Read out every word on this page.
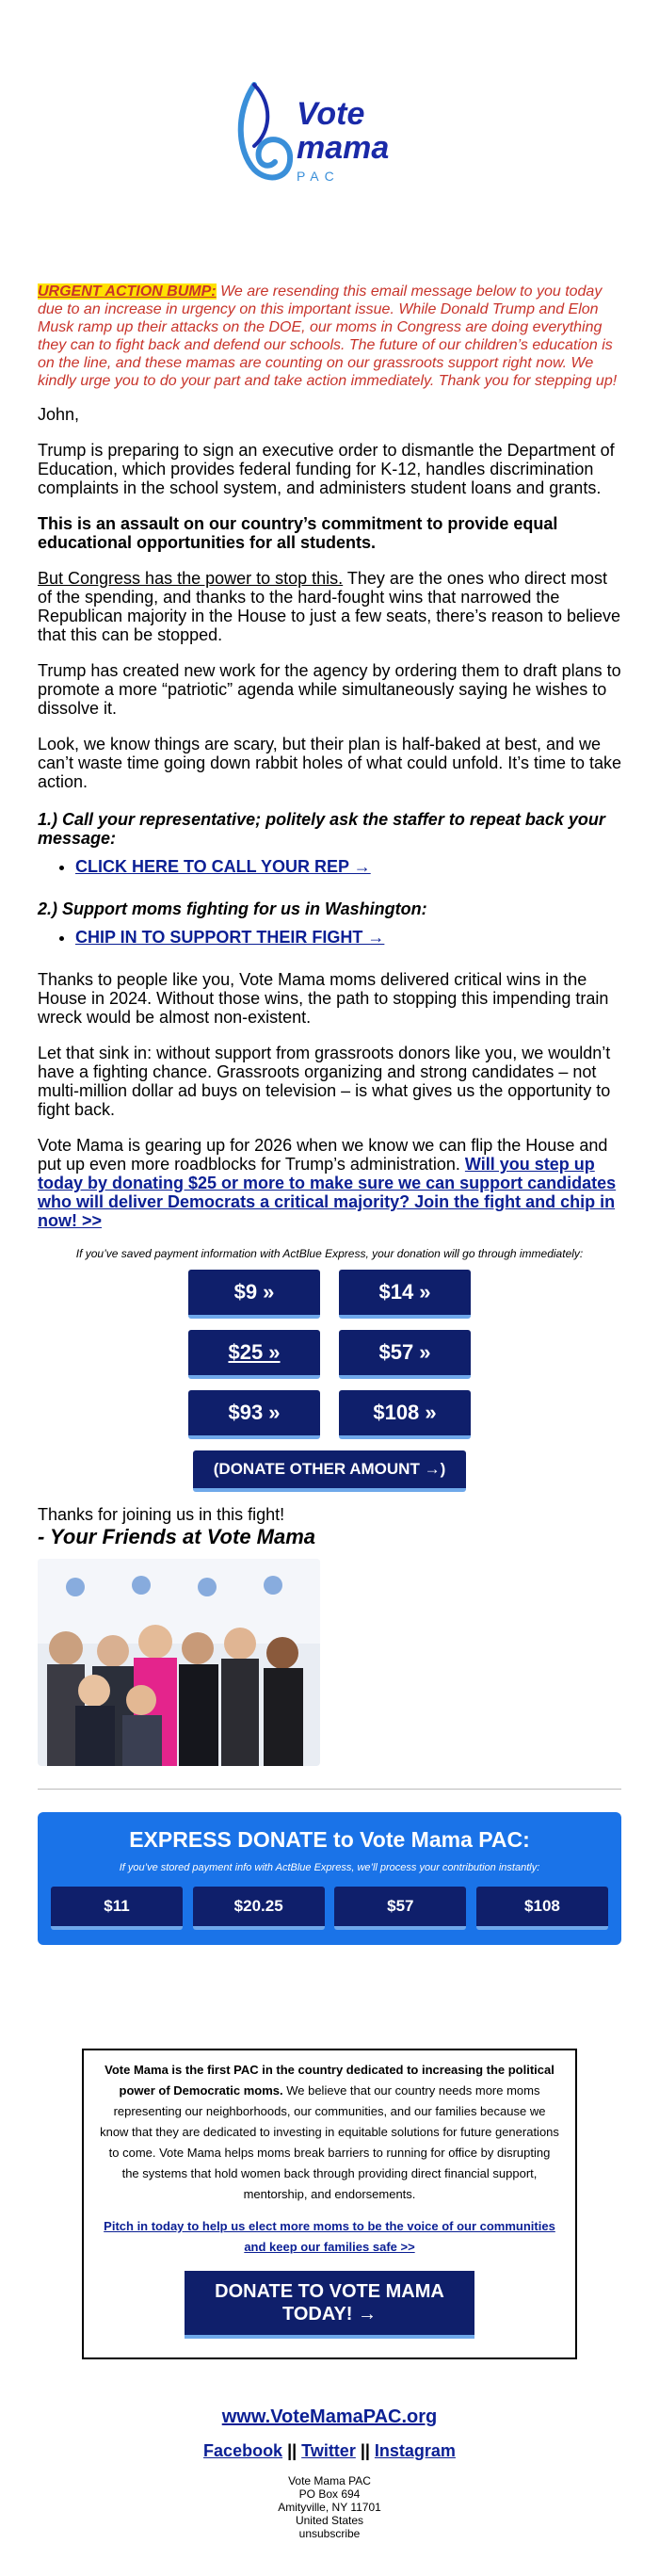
Vote
mama
PAC

URGENT ACTION BUMP: We are resending this email message below to you today due to an increase in urgency on this important issue. While Donald Trump and Elon Musk ramp up their attacks on the DOE, our moms in Congress are doing everything they can to fight back and defend our schools. The future of our children’s education is on the line, and these mamas are counting on our grassroots support right now. We kindly urge you to do your part and take action immediately. Thank you for stepping up!

John,

Trump is preparing to sign an executive order to dismantle the Department of Education, which provides federal funding for K-12, handles discrimination complaints in the school system, and administers student loans and grants.

This is an assault on our country’s commitment to provide equal educational opportunities for all students.

But Congress has the power to stop this. They are the ones who direct most of the spending, and thanks to the hard-fought wins that narrowed the Republican majority in the House to just a few seats, there’s reason to believe that this can be stopped.

Trump has created new work for the agency by ordering them to draft plans to promote a more “patriotic” agenda while simultaneously saying he wishes to dissolve it.

Look, we know things are scary, but their plan is half-baked at best, and we can’t waste time going down rabbit holes of what could unfold. It’s time to take action.

1.) Call your representative; politely ask the staffer to repeat back your message:
• CLICK HERE TO CALL YOUR REP →
2.) Support moms fighting for us in Washington:
• CHIP IN TO SUPPORT THEIR FIGHT →

Thanks to people like you, Vote Mama moms delivered critical wins in the House in 2024. Without those wins, the path to stopping this impending train wreck would be almost non-existent.

Let that sink in: without support from grassroots donors like you, we wouldn’t have a fighting chance. Grassroots organizing and strong candidates – not multi-million dollar ad buys on television – is what gives us the opportunity to fight back.

Vote Mama is gearing up for 2026 when we know we can flip the House and put up even more roadblocks for Trump’s administration. Will you step up today by donating $25 or more to make sure we can support candidates who will deliver Democrats a critical majority? Join the fight and chip in now! >>

If you’ve saved payment information with ActBlue Express, your donation will go through immediately:
$9 »	$14 »
$25 »	$57 »
$93 »	$108 »
(DONATE OTHER AMOUNT →)

Thanks for joining us in this fight!

- Your Friends at Vote Mama

EXPRESS DONATE to Vote Mama PAC:
If you’ve stored payment info with ActBlue Express, we’ll process your contribution instantly:
$11	$20.25	$57	$108
Vote Mama is the first PAC in the country dedicated to increasing the political power of Democratic moms. We believe that our country needs more moms representing our neighborhoods, our communities, and our families because we know that they are dedicated to investing in equitable solutions for future generations to come. Vote Mama helps moms break barriers to running for office by disrupting the systems that hold women back through providing direct financial support, mentorship, and endorsements.
Pitch in today to help us elect more moms to be the voice of our communities and keep our families safe >>
DONATE TO VOTE MAMA TODAY! →
www.VoteMamaPAC.org
Facebook || Twitter || Instagram
Vote Mama PAC
PO Box 694
Amityville, NY 11701
United States
unsubscribe
